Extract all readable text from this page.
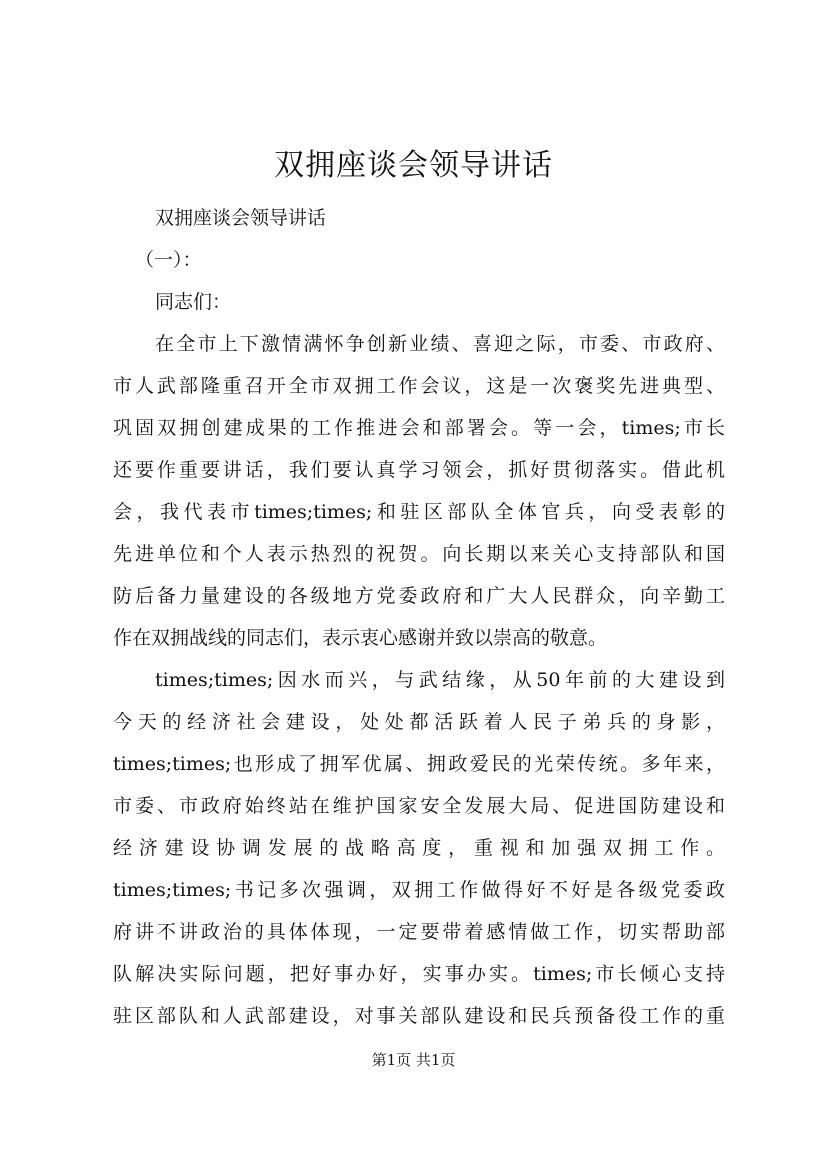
双拥座谈会领导讲话
双拥座谈会领导讲话
（一）：
同志们：
在全市上下激情满怀争创新业绩、喜迎之际，市委、市政府、
市人武部隆重召开全市双拥工作会议，这是一次褒奖先进典型、
巩固双拥创建成果的工作推进会和部署会。等一会，times;市长
还要作重要讲话，我们要认真学习领会，抓好贯彻落实。借此机
会，我代表市times;times;和驻区部队全体官兵，向受表彰的
先进单位和个人表示热烈的祝贺。向长期以来关心支持部队和国
防后备力量建设的各级地方党委政府和广大人民群众，向辛勤工
作在双拥战线的同志们，表示衷心感谢并致以崇高的敬意。
times;times;因水而兴，与武结缘，从50年前的大建设到
今天的经济社会建设，处处都活跃着人民子弟兵的身影，
times;times;也形成了拥军优属、拥政爱民的光荣传统。多年来，
市委、市政府始终站在维护国家安全发展大局、促进国防建设和
经济建设协调发展的战略高度，重视和加强双拥工作。
times;times;书记多次强调，双拥工作做得好不好是各级党委政
府讲不讲政治的具体体现，一定要带着感情做工作，切实帮助部
队解决实际问题，把好事办好，实事办实。times;市长倾心支持
驻区部队和人武部建设，对事关部队建设和民兵预备役工作的重
第1页 共1页
